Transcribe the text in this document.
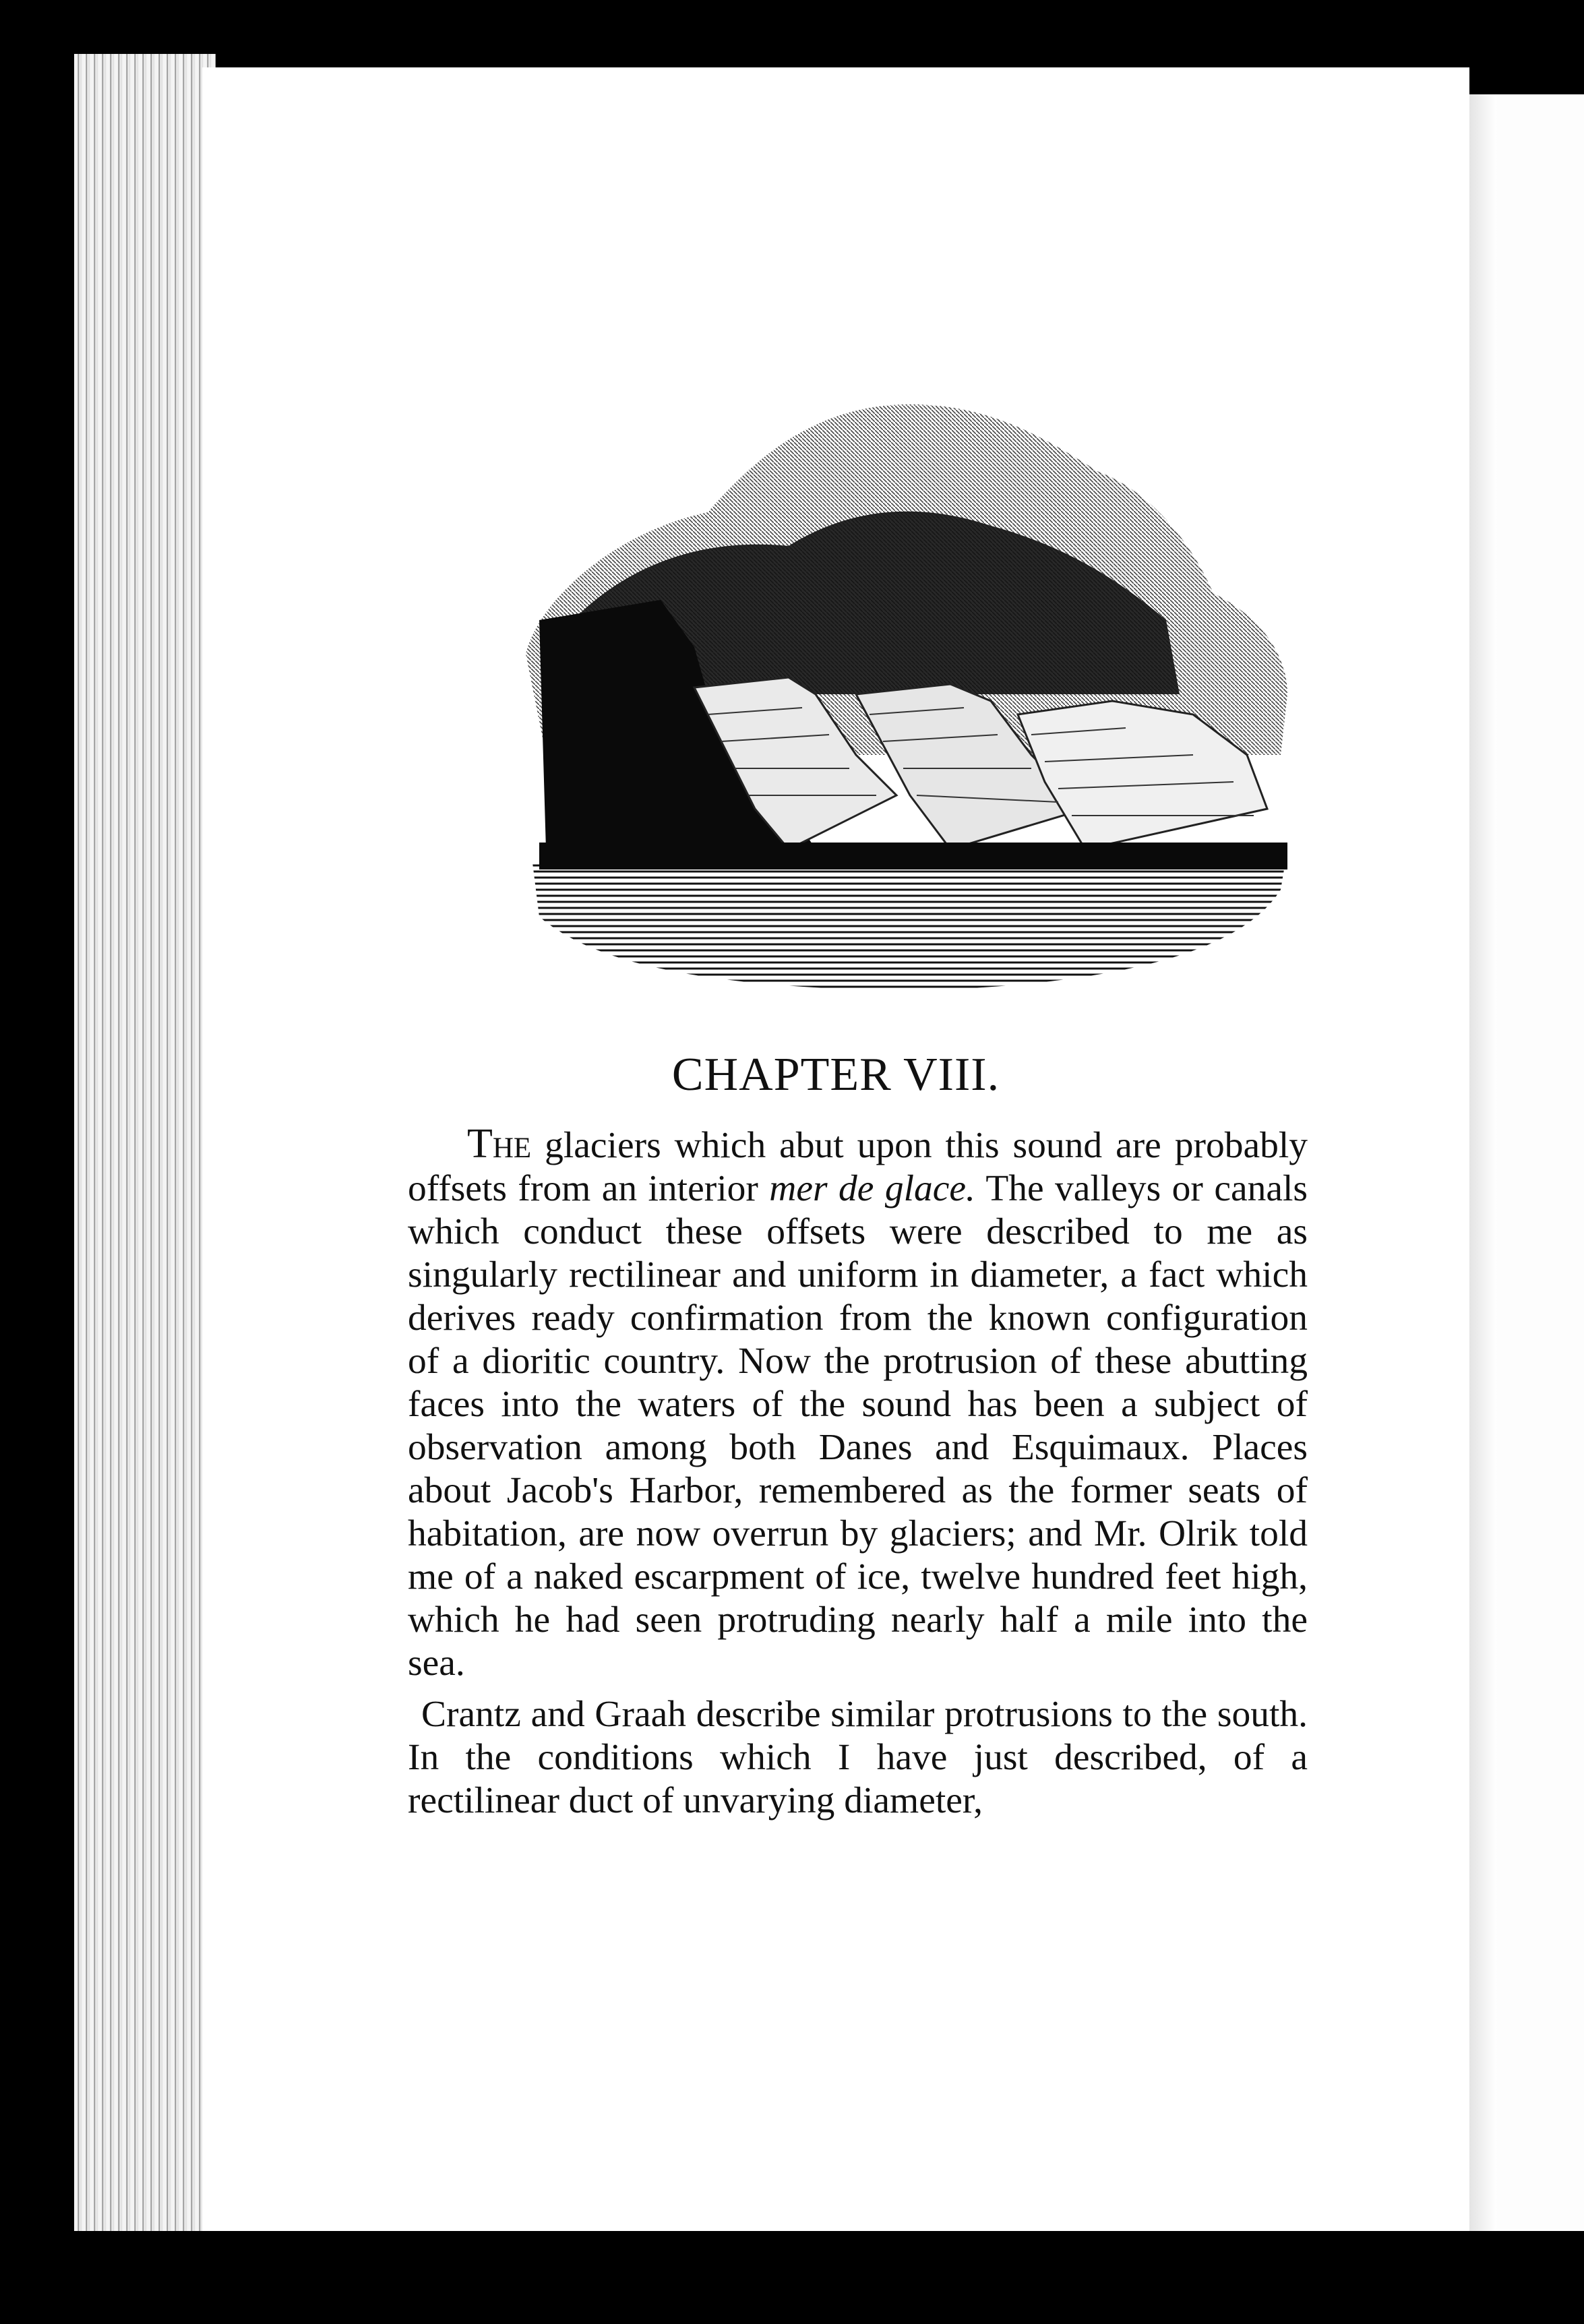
CHAPTER VIII.

The glaciers which abut upon this sound are probably offsets from an interior mer de glace. The valleys or canals which conduct these offsets were described to me as singularly rectilinear and uniform in diameter, a fact which derives ready confirmation from the known configuration of a dioritic country. Now the protrusion of these abutting faces into the waters of the sound has been a subject of observation among both Danes and Esquimaux. Places about Jacob's Harbor, remembered as the former seats of habitation, are now overrun by glaciers; and Mr. Olrik told me of a naked escarpment of ice, twelve hundred feet high, which he had seen protruding nearly half a mile into the sea.

Crantz and Graah describe similar protrusions to the south. In the conditions which I have just described, of a rectilinear duct of unvarying diameter,
